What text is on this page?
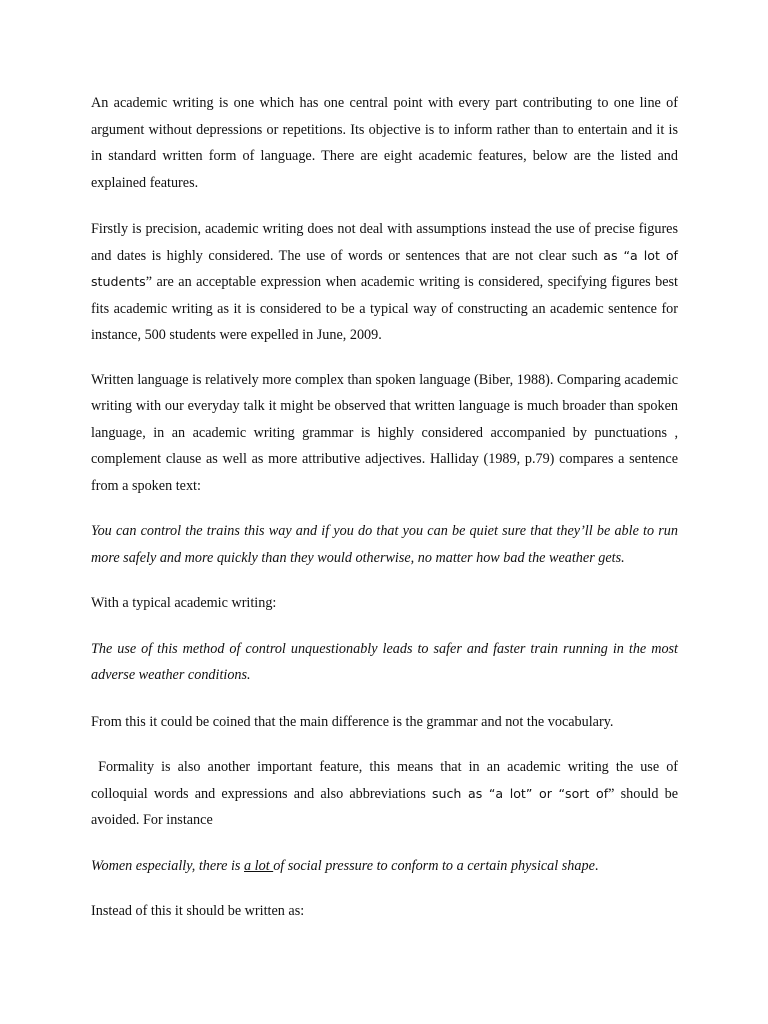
An academic writing is one which has one central point with every part contributing to one line of argument without depressions or repetitions. Its objective is to inform rather than to entertain and it is in standard written form of language. There are eight academic features, below are the listed and explained features.

Firstly is precision, academic writing does not deal with assumptions instead the use of precise figures and dates is highly considered. The use of words or sentences that are not clear such as “a lot of students” are an acceptable expression when academic writing is considered, specifying figures best fits academic writing as it is considered to be a typical way of constructing an academic sentence for instance, 500 students were expelled in June, 2009.

Written language is relatively more complex than spoken language (Biber, 1988). Comparing academic writing with our everyday talk it might be observed that written language is much broader than spoken language, in an academic writing grammar is highly considered accompanied by punctuations , complement clause as well as more attributive adjectives. Halliday (1989, p.79) compares a sentence from a spoken text:

You can control the trains this way and if you do that you can be quiet sure that they’ll be able to run more safely and more quickly than they would otherwise, no matter how bad the weather gets.

With a typical academic writing:

The use of this method of control unquestionably leads to safer and faster train running in the most adverse weather conditions.

From this it could be coined that the main difference is the grammar and not the vocabulary.

Formality is also another important feature, this means that in an academic writing the use of colloquial words and expressions and also abbreviations such as “a lot” or “sort of” should be avoided. For instance

Women especially, there is a lot of social pressure to conform to a certain physical shape.

Instead of this it should be written as:
